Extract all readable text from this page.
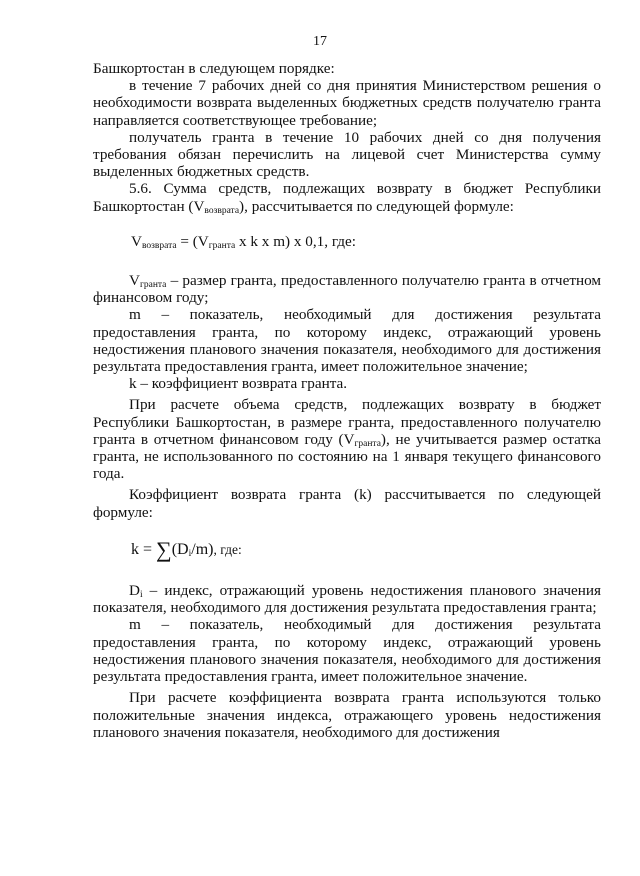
17

Башкортостан в следующем порядке:

в течение 7 рабочих дней со дня принятия Министерством решения о необходимости возврата выделенных бюджетных средств получателю гранта направляется соответствующее требование;

получатель гранта в течение 10 рабочих дней со дня получения требования обязан перечислить на лицевой счет Министерства сумму выделенных бюджетных средств.

5.6. Сумма средств, подлежащих возврату в бюджет Республики Башкортостан $(V_{возврата})$, рассчитывается по следующей формуле:

$V_{возврата} = (V_{гранта}$ x k x m) x 0,1, где:

$V_{гранта}$ – размер гранта, предоставленного получателю гранта в отчетном финансовом году;

m – показатель, необходимый для достижения результата предоставления гранта, по которому индекс, отражающий уровень недостижения планового значения показателя, необходимого для достижения результата предоставления гранта, имеет положительное значение;

k – коэффициент возврата гранта.

При расчете объема средств, подлежащих возврату в бюджет Республики Башкортостан, в размере гранта, предоставленного получателю гранта в отчетном финансовом году $(V_{гранта})$, не учитывается размер остатка гранта, не использованного по состоянию на 1 января текущего финансового года.

Коэффициент возврата гранта (k) рассчитывается по следующей формуле:

$k = \sum(D_i/m)$, где:

$D_i$ – индекс, отражающий уровень недостижения планового значения показателя, необходимого для достижения результата предоставления гранта;

m – показатель, необходимый для достижения результата предоставления гранта, по которому индекс, отражающий уровень недостижения планового значения показателя, необходимого для достижения результата предоставления гранта, имеет положительное значение.

При расчете коэффициента возврата гранта используются только положительные значения индекса, отражающего уровень недостижения планового значения показателя, необходимого для достижения
